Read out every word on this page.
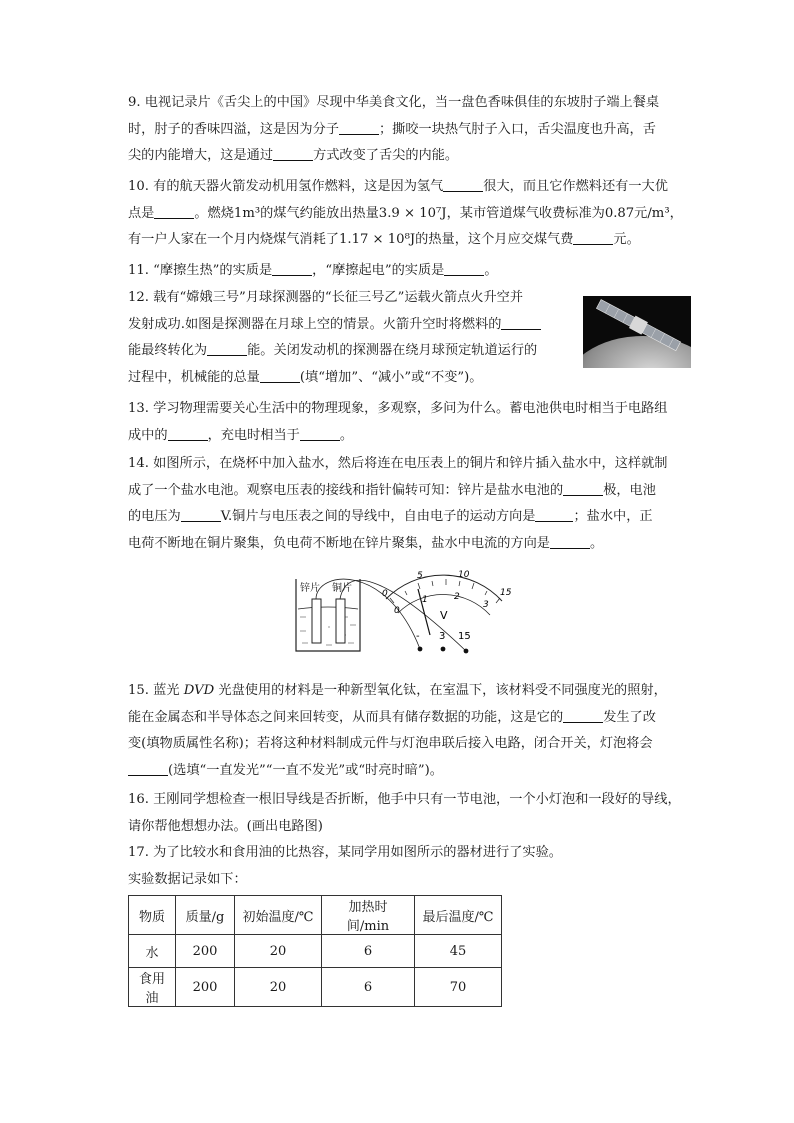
9. 电视记录片《舌尖上的中国》尽现中华美食文化，当一盘色香味俱佳的东坡肘子端上餐桌
时，肘子的香味四溢，这是因为分子	；撕咬一块热气肘子入口，舌尖温度也升高，舌
尖的内能增大，这是通过	方式改变了舌尖的内能。
10. 有的航天器火箭发动机用氢作燃料，这是因为氢气	很大，而且它作燃料还有一大优
点是	。燃烧1m³的煤气约能放出热量3.9 × 10⁷J，某市管道煤气收费标准为0.87元/m³，
有一户人家在一个月内烧煤气消耗了1.17 × 10⁸J的热量，这个月应交煤气费	元。
11. “摩擦生热”的实质是	，“摩擦起电”的实质是	。
12. 载有“嫦娥三号”月球探测器的“长征三号乙”运载火箭点火升空并
发射成功.如图是探测器在月球上空的情景。火箭升空时将燃料的
能最终转化为	能。关闭发动机的探测器在绕月球预定轨道运行的
过程中，机械能的总量	(填“增加”、“减小”或“不变”)。
13. 学习物理需要关心生活中的物理现象，多观察，多问为什么。蓄电池供电时相当于电路组
成中的	，充电时相当于	。
14. 如图所示，在烧杯中加入盐水，然后将连在电压表上的铜片和锌片插入盐水中，这样就制
成了一个盐水电池。观察电压表的接线和指针偏转可知：锌片是盐水电池的	极，电池
的电压为	V.铜片与电压表之间的导线中，自由电子的运动方向是	；盐水中，正
电荷不断地在铜片聚集，负电荷不断地在锌片聚集，盐水中电流的方向是	。
锌片 铜片	0
5	10
15
0
1	2
3
V
- 3 15
15. 蓝光 DVD 光盘使用的材料是一种新型氧化钛，在室温下，该材料受不同强度光的照射，
能在金属态和半导体态之间来回转变，从而具有储存数据的功能，这是它的	发生了改
变(填物质属性名称)；若将这种材料制成元件与灯泡串联后接入电路，闭合开关，灯泡将会
(选填“一直发光”“一直不发光”或“时亮时暗”)。
16. 王刚同学想检查一根旧导线是否折断，他手中只有一节电池，一个小灯泡和一段好的导线，
请你帮他想想办法。(画出电路图)
17. 为了比较水和食用油的比热容，某同学用如图所示的器材进行了实验。
实验数据记录如下：
物质	质量/g	初始温度/℃	加热时间/min	最后温度/℃
水	200	20	6	45
食用油	200	20	6	70
